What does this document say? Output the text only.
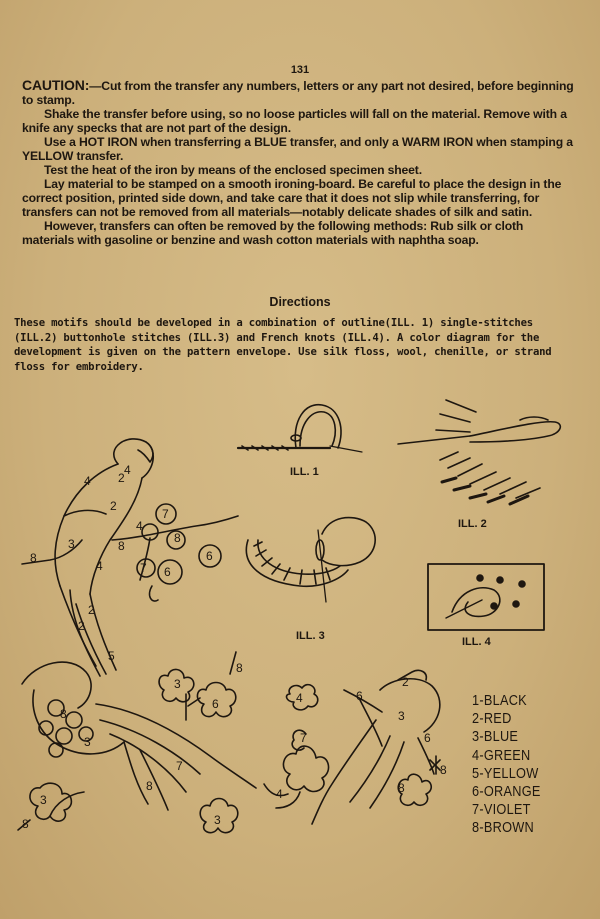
131

CAUTION:—Cut from the transfer any numbers, letters or any part not desired, before beginning to stamp.

Shake the transfer before using, so no loose particles will fall on the material. Remove with a knife any specks that are not part of the design.

Use a HOT IRON when transferring a BLUE transfer, and only a WARM IRON when stamping a YELLOW transfer.

Test the heat of the iron by means of the enclosed specimen sheet.

Lay material to be stamped on a smooth ironing-board. Be careful to place the design in the correct position, printed side down, and take care that it does not slip while transferring, for transfers can not be removed from all materials—notably delicate shades of silk and satin.

However, transfers can often be removed by the following methods: Rub silk or cloth materials with gasoline or benzine and wash cotton materials with naphtha soap.

Directions
These motifs should be developed in a combination of outline(ILL. 1) single-stitches (ILL.2) buttonhole stitches (ILL.3) and French knots (ILL.4). A color diagram for the development is given on the pattern envelope. Use silk floss, wool, chenille, or strand floss for embroidery.
4 2
4
2
3
4
8
8
4
7
7 6
6
8
2
2
5
8
3
7
8
3
8
3
6
3
8
7
4
4
6
3
6
8
8
2
ILL. 1
ILL. 2
ILL. 3	ILL. 4
1-BLACK
2-RED
3-BLUE
4-GREEN
5-YELLOW
6-ORANGE
7-VIOLET
8-BROWN
